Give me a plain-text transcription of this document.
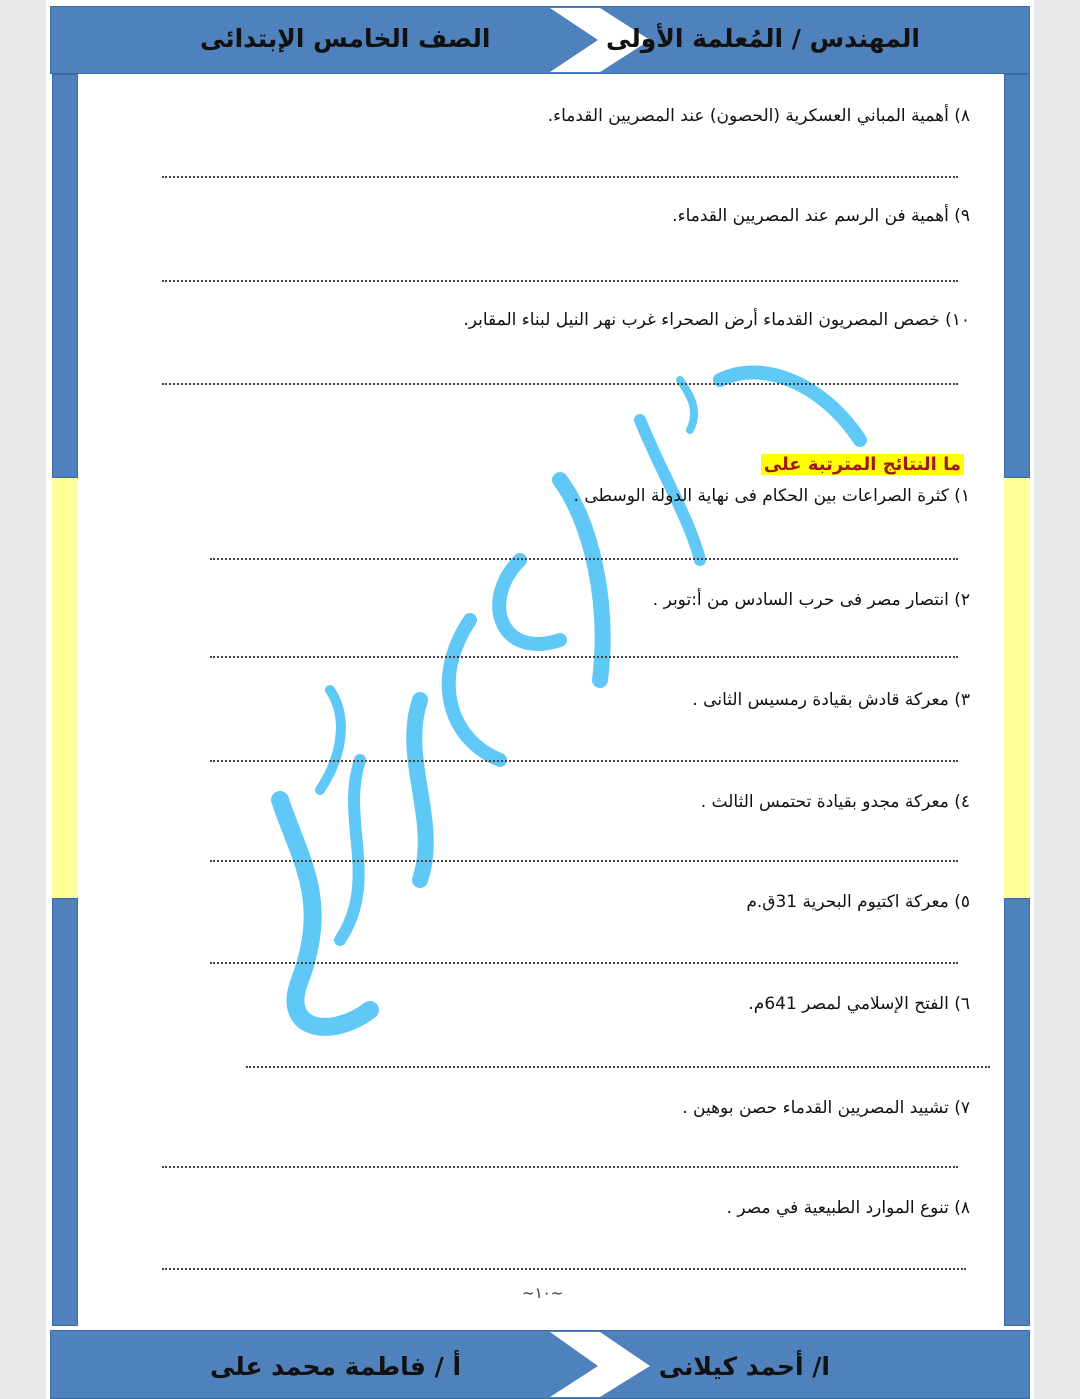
المهندس / المُعلمة الأولى
الصف الخامس الإبتدائى
ا/ أحمد كيلانى
أ / فاطمة محمد على
٨) أهمية المباني العسكرية (الحصون) عند المصريين القدماء.
٩) أهمية فن الرسم عند المصريين القدماء.
١٠) خصص المصريون القدماء أرض الصحراء غرب نهر النيل لبناء المقابر.
ما النتائج المترتبة على
١) كثرة الصراعات بين الحكام فى نهاية الدولة الوسطى .
٢) انتصار مصر فى حرب السادس من أ:توبر .
٣) معركة قادش بقيادة رمسيس الثانى .
٤) معركة مجدو بقيادة تحتمس الثالث .
٥) معركة اكتيوم البحرية 31ق.م
٦) الفتح الإسلامي لمصر 641م.
٧) تشييد المصريين القدماء حصن بوهين .
٨) تنوع الموارد الطبيعية في مصر .
~١٠~
